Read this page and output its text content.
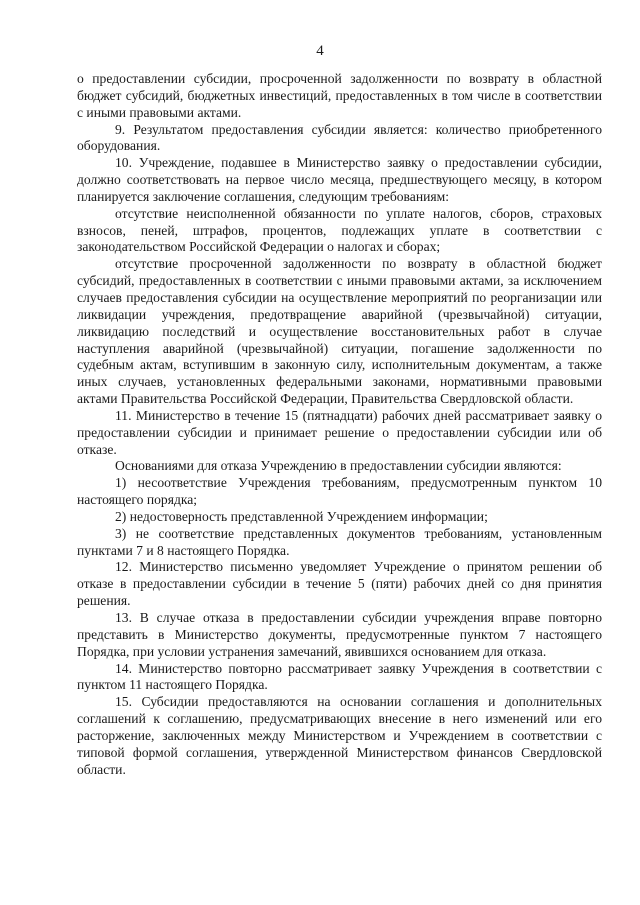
4

о предоставлении субсидии, просроченной задолженности по возврату в областной бюджет субсидий, бюджетных инвестиций, предоставленных в том числе в соответствии с иными правовыми актами.

9. Результатом предоставления субсидии является: количество приобретенного оборудования.

10. Учреждение, подавшее в Министерство заявку о предоставлении субсидии, должно соответствовать на первое число месяца, предшествующего месяцу, в котором планируется заключение соглашения, следующим требованиям:

отсутствие неисполненной обязанности по уплате налогов, сборов, страховых взносов, пеней, штрафов, процентов, подлежащих уплате в соответствии с законодательством Российской Федерации о налогах и сборах;

отсутствие просроченной задолженности по возврату в областной бюджет субсидий, предоставленных в соответствии с иными правовыми актами, за исключением случаев предоставления субсидии на осуществление мероприятий по реорганизации или ликвидации учреждения, предотвращение аварийной (чрезвычайной) ситуации, ликвидацию последствий и осуществление восстановительных работ в случае наступления аварийной (чрезвычайной) ситуации, погашение задолженности по судебным актам, вступившим в законную силу, исполнительным документам, а также иных случаев, установленных федеральными законами, нормативными правовыми актами Правительства Российской Федерации, Правительства Свердловской области.

11. Министерство в течение 15 (пятнадцати) рабочих дней рассматривает заявку о предоставлении субсидии и принимает решение о предоставлении субсидии или об отказе.

Основаниями для отказа Учреждению в предоставлении субсидии являются:

1) несоответствие Учреждения требованиям, предусмотренным пунктом 10 настоящего порядка;

2) недостоверность представленной Учреждением информации;

3) не соответствие представленных документов требованиям, установленным пунктами 7 и 8 настоящего Порядка.

12. Министерство письменно уведомляет Учреждение о принятом решении об отказе в предоставлении субсидии в течение 5 (пяти) рабочих дней со дня принятия решения.

13. В случае отказа в предоставлении субсидии учреждения вправе повторно представить в Министерство документы, предусмотренные пунктом 7 настоящего Порядка, при условии устранения замечаний, явившихся основанием для отказа.

14. Министерство повторно рассматривает заявку Учреждения в соответствии с пунктом 11 настоящего Порядка.

15. Субсидии предоставляются на основании соглашения и дополнительных соглашений к соглашению, предусматривающих внесение в него изменений или его расторжение, заключенных между Министерством и Учреждением в соответствии с типовой формой соглашения, утвержденной Министерством финансов Свердловской области.
